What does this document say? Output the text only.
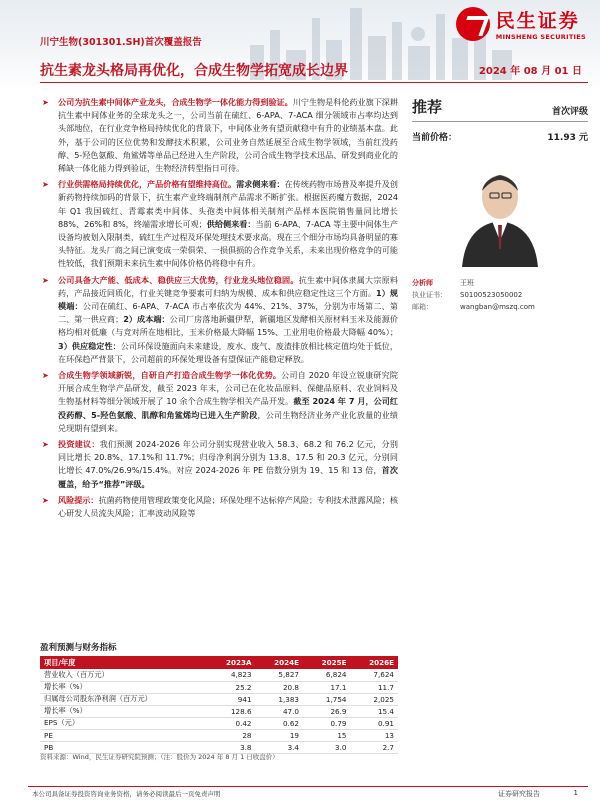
民生证券
MINSHENG SECURITIES
川宁生物(301301.SH)首次覆盖报告
抗生素龙头格局再优化，合成生物学拓宽成长边界	2024 年 08 月 01 日

➤ 公司为抗生素中间体产业龙头，合成生物学一体化能力得到验证。川宁生物是科伦药业旗下深耕抗生素中间体业务的全球龙头之一，公司当前在硫红、6-APA、7-ACA 细分领域市占率均达到头部地位，在行业竞争格局持续优化的背景下，中间体业务有望贡献稳中有升的业绩基本盘。此外，基于公司的区位优势和发酵技术积累，公司业务自然延展至合成生物学领域，当前红没药醇、5-羟色氨酸、角鲨烯等单品已经进入生产阶段，公司合成生物学技术迅品、研发到商业化的稀缺一体化能力得到验证，生物经济转型指日可待。

➤ 行业供需格局持续优化，产品价格有望维持高位。需求侧来看：在传统药物市场普及率提升及创新药物持续加码的背景下，抗生素产业终端制剂产品需求不断扩张。根据医药魔方数据，2024 年 Q1 我国硫红、青霉素类中间体、头孢类中间体相关制剂产品样本医院销售量同比增长 88%、26%和 8%，终端需求增长可观；供给侧来看：当前 6-APA、7-ACA 等主要中间体生产设备均被划入限制类，硫红生产过程及环保处理技术要求高。现在三个细分市场均具备明显的寡头特征。龙头厂商之间已演变成一荣俱荣、一损俱损的合作竞争关系，未来出现价格竞争的可能性较低，我们预期未来抗生素中间体价格仍将稳中有升。

➤ 公司具备大产能、低成本、稳供应三大优势，行业龙头地位稳固。抗生素中间体隶属大宗原料药，产品接近同质化，行业关键竞争要素可归纳为规模、成本和供应稳定性这三个方面。1）规模端：公司在硫红、6-APA、7-ACA 市占率依次为 44%、21%、37%，分别为市场第二、第二、第一供应商；2）成本端：公司厂房落地新疆伊犁，新疆地区发酵相关原材料玉米及能源价格均相对低廉（与竞对所在地相比，玉米价格最大降幅 15%、工业用电价格最大降幅 40%）；3）供应稳定性：公司环保设施面向未来建设，废水、废气、废渣排放相比核定值均处于低位，在环保趋严背景下，公司超前的环保处理设备有望保证产能稳定释放。

➤ 合成生物学领域新锐，自研自产打造合成生物学一体化优势。公司自 2020 年设立锐康研究院开展合成生物学产品研发，截至 2023 年末，公司已在化妆品原料、保健品原料、农业饲料及生物基材料等细分领域开展了 10 余个合成生物学相关产品开发。截至 2024 年 7 月，公司红没药醇、5-羟色氨酸、肌醇和角鲨烯均已进入生产阶段，公司生物经济业务产业化放量的业绩兑现期有望到来。

➤ 投资建议：我们预测 2024-2026 年公司分别实现营业收入 58.3、68.2 和 76.2 亿元，分别同比增长 20.8%、17.1%和 11.7%；归母净利润分别为 13.8、17.5 和 20.3 亿元，分别同比增长 47.0%/26.9%/15.4%。对应 2024-2026 年 PE 倍数分别为 19、15 和 13 倍，首次覆盖，给予“推荐”评级。

➤ 风险提示：抗菌药物使用管理政策变化风险；环保处理不达标停产风险；专利技术泄露风险；核心研发人员流失风险；汇率波动风险等

推荐	首次评级
当前价格：	11.93 元
分析师	王班
执业证书：	S0100523050002
邮箱：	wangban@mszq.com
盈利预测与财务指标
项目/年度	2023A	2024E	2025E	2026E
营业收入（百万元）	4,823	5,827	6,824	7,624
增长率（%）	25.2	20.8	17.1	11.7
归属母公司股东净利润（百万元）	941	1,383	1,754	2,025
增长率（%）	128.6	47.0	26.9	15.4
EPS（元）	0.42	0.62	0.79	0.91
PE	28	19	15	13
PB	3.8	3.4	3.0	2.7
资料来源：Wind，民生证券研究院预测；（注：股价为 2024 年 8 月 1 日收盘价）
本公司具备证券投资咨询业务资格，请务必阅读最后一页免责声明	证券研究报告	1
